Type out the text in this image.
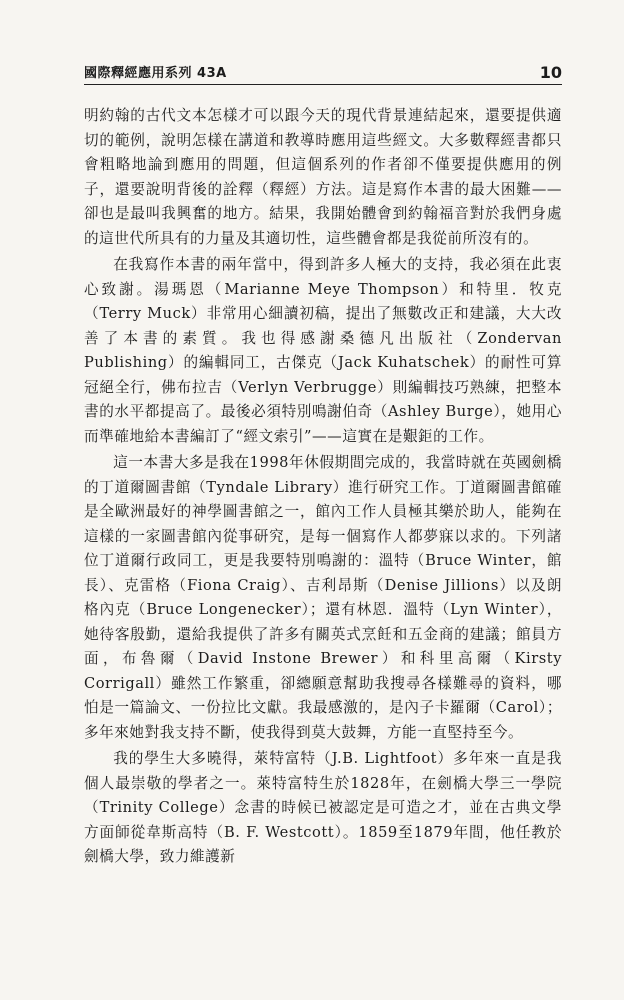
國際釋經應用系列 43A	10

明約翰的古代文本怎樣才可以跟今天的現代背景連結起來，還要提供適切的範例，說明怎樣在講道和教導時應用這些經文。大多數釋經書都只會粗略地論到應用的問題，但這個系列的作者卻不僅要提供應用的例子，還要說明背後的詮釋（釋經）方法。這是寫作本書的最大困難——卻也是最叫我興奮的地方。結果，我開始體會到約翰福音對於我們身處的這世代所具有的力量及其適切性，這些體會都是我從前所沒有的。

在我寫作本書的兩年當中，得到許多人極大的支持，我必須在此衷心致謝。湯瑪恩（Marianne Meye Thompson）和特里．牧克（Terry Muck）非常用心細讀初稿，提出了無數改正和建議，大大改善了本書的素質。我也得感謝桑德凡出版社（Zondervan Publishing）的編輯同工，古傑克（Jack Kuhatschek）的耐性可算冠絕全行，佛布拉吉（Verlyn Verbrugge）則編輯技巧熟練，把整本書的水平都提高了。最後必須特別鳴謝伯奇（Ashley Burge），她用心而準確地給本書編訂了“經文索引”——這實在是艱鉅的工作。

這一本書大多是我在1998年休假期間完成的，我當時就在英國劍橋的丁道爾圖書館（Tyndale Library）進行研究工作。丁道爾圖書館確是全歐洲最好的神學圖書館之一，館內工作人員極其樂於助人，能夠在這樣的一家圖書館內從事研究，是每一個寫作人都夢寐以求的。下列諸位丁道爾行政同工，更是我要特別鳴謝的：溫特（Bruce Winter，館長）、克雷格（Fiona Craig）、吉利昂斯（Denise Jillions）以及朗格內克（Bruce Longenecker）；還有林恩．溫特（Lyn Winter），她待客殷勤，還給我提供了許多有關英式烹飪和五金商的建議；館員方面，布魯爾（David Instone Brewer）和科里高爾（Kirsty Corrigall）雖然工作繁重，卻總願意幫助我搜尋各樣難尋的資料，哪怕是一篇論文、一份拉比文獻。我最感激的，是內子卡羅爾（Carol）；多年來她對我支持不斷，使我得到莫大鼓舞，方能一直堅持至今。

我的學生大多曉得，萊特富特（J.B. Lightfoot）多年來一直是我個人最崇敬的學者之一。萊特富特生於1828年，在劍橋大學三一學院（Trinity College）念書的時候已被認定是可造之才，並在古典文學方面師從韋斯高特（B. F. Westcott）。1859至1879年間，他任教於劍橋大學，致力維護新
